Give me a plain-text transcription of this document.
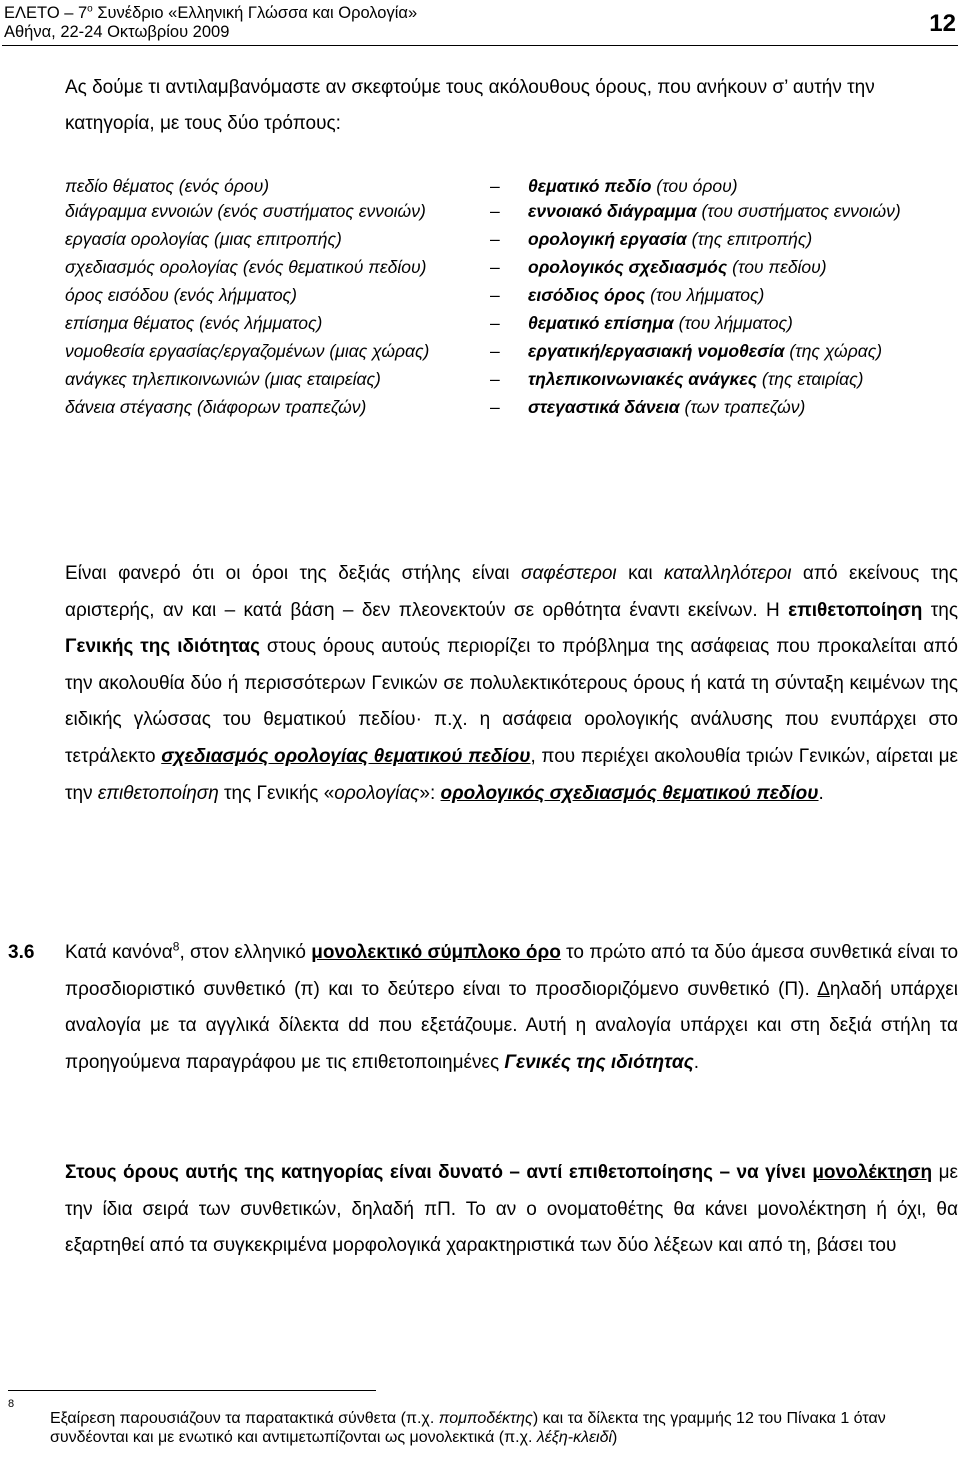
ΕΛΕΤΟ – $7^o$ Συνέδριο «Ελληνική Γλώσσα και Ορολογία»
Αθήνα, 22-24 Οκτωβρίου 2009	12
Ας δούμε τι αντιλαμβανόμαστε αν σκεφτούμε τους ακόλουθους όρους, που ανήκουν σ’ αυτήν την κατηγορία, με τους δύο τρόπους:
πεδίο θέματος (ενός όρου)	–	θεματικό πεδίο (του όρου)
διάγραμμα εννοιών (ενός συστήματος εννοιών)	–	εννοιακό διάγραμμα (του συστήματος εννοιών)
εργασία ορολογίας (μιας επιτροπής)	–	ορολογική εργασία (της επιτροπής)
σχεδιασμός ορολογίας (ενός θεματικού πεδίου)	–	ορολογικός σχεδιασμός (του πεδίου)
όρος εισόδου (ενός λήμματος)	–	εισόδιος όρος (του λήμματος)
επίσημα θέματος (ενός λήμματος)	–	θεματικό επίσημα (του λήμματος)
νομοθεσία εργασίας/εργαζομένων (μιας χώρας)	–	εργατική/εργασιακή νομοθεσία (της χώρας)
ανάγκες τηλεπικοινωνιών (μιας εταιρείας)	–	τηλεπικοινωνιακές ανάγκες (της εταιρίας)
δάνεια στέγασης (διάφορων τραπεζών)	–	στεγαστικά δάνεια (των τραπεζών)
Είναι φανερό ότι οι όροι της δεξιάς στήλης είναι σαφέστεροι και καταλληλότεροι από εκείνους της αριστερής, αν και – κατά βάση – δεν πλεονεκτούν σε ορθότητα έναντι εκείνων. Η επιθετοποίηση της Γενικής της ιδιότητας στους όρους αυτούς περιορίζει το πρόβλημα της ασάφειας που προκαλείται από την ακολουθία δύο ή περισσότερων Γενικών σε πολυλεκτικότερους όρους ή κατά τη σύνταξη κειμένων της ειδικής γλώσσας του θεματικού πεδίου· π.χ. η ασάφεια ορολογικής ανάλυσης που ενυπάρχει στο τετράλεκτο σχεδιασμός ορολογίας θεματικού πεδίου, που περιέχει ακολουθία τριών Γενικών, αίρεται με την επιθετοποίηση της Γενικής «ορολογίας»: ορολογικός σχεδιασμός θεματικού πεδίου.
3.6 Κατά κανόνα$^8$, στον ελληνικό μονολεκτικό σύμπλοκο όρο το πρώτο από τα δύο άμεσα συνθετικά είναι το προσδιοριστικό συνθετικό (π) και το δεύτερο είναι το προσδιοριζόμενο συνθετικό (Π). Δηλαδή υπάρχει αναλογία με τα αγγλικά δίλεκτα dd που εξετάζουμε. Αυτή η αναλογία υπάρχει και στη δεξιά στήλη τα προηγούμενα παραγράφου με τις επιθετοποιημένες Γενικές της ιδιότητας.
Στους όρους αυτής της κατηγορίας είναι δυνατό – αντί επιθετοποίησης – να γίνει μονολέκτηση με την ίδια σειρά των συνθετικών, δηλαδή πΠ. Το αν ο ονοματοθέτης θα κάνει μονολέκτηση ή όχι, θα εξαρτηθεί από τα συγκεκριμένα μορφολογικά χαρακτηριστικά των δύο λέξεων και από τη, βάσει του
8
Εξαίρεση παρουσιάζουν τα παρατακτικά σύνθετα (π.χ. πομποδέκτης) και τα δίλεκτα της γραμμής 12 του Πίνακα 1 όταν συνδέονται και με ενωτικό και αντιμετωπίζονται ως μονολεκτικά (π.χ. λέξη-κλειδί)
